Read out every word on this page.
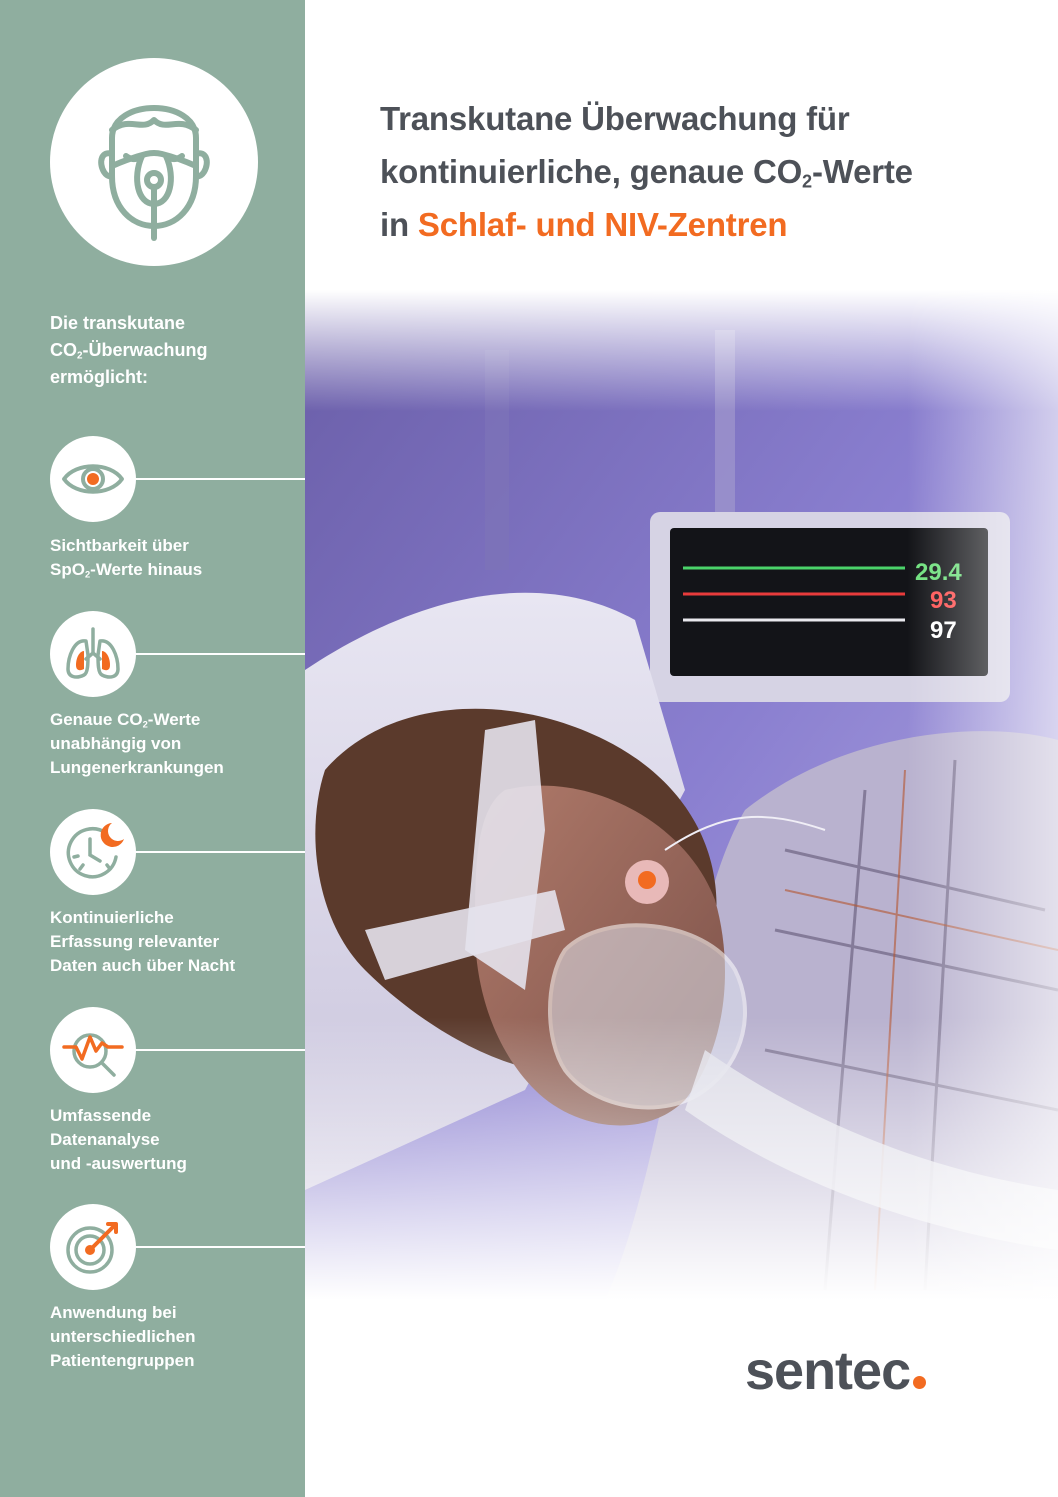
Die transkutane
$CO_2$-Überwachung
ermöglicht:
Sichtbarkeit über
SpO$_2$-Werte hinaus
Genaue $CO_2$-Werte
unabhängig von
Lungenerkrankungen
Kontinuierliche
Erfassung relevanter
Daten auch über Nacht
Umfassende
Datenanalyse
und -auswertung
Anwendung bei
unterschiedlichen
Patientengruppen
Transkutane Überwachung für
kontinuierliche, genaue $CO_2$-Werte
in Schlaf- und NIV-Zentren
sentec
